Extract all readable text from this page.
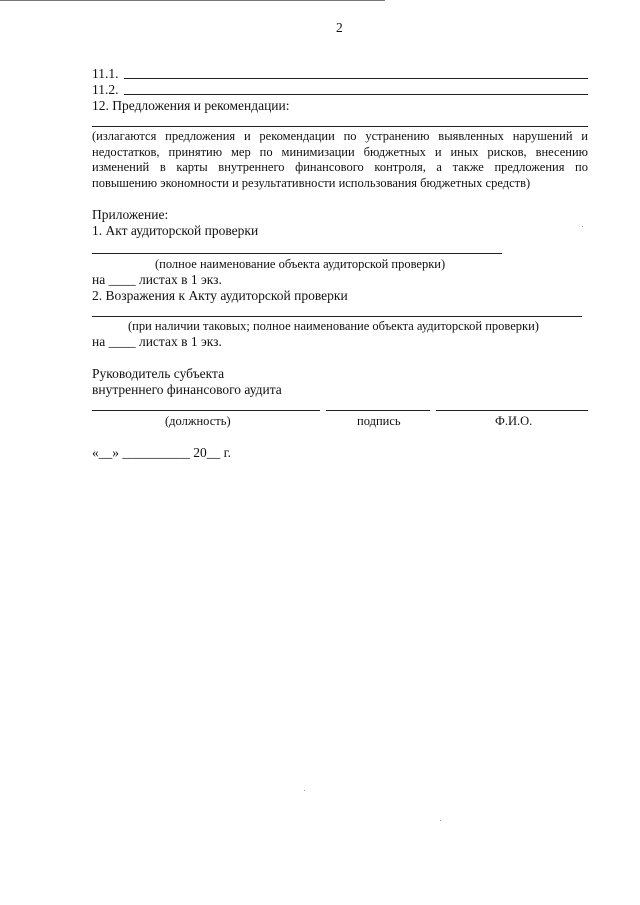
2
11.1.
11.2.
12. Предложения и рекомендации:
(излагаются предложения и рекомендации по устранению выявленных нарушений и недостатков, принятию мер по минимизации бюджетных и иных рисков, внесению изменений в карты внутреннего финансового контроля, а также предложения по повышению экономности и результативности использования бюджетных средств)
Приложение:
1. Акт аудиторской проверки
(полное наименование объекта аудиторской проверки)
на ____ листах в 1 экз.
2. Возражения к Акту аудиторской проверки
(при наличии таковых; полное наименование объекта аудиторской проверки)
на ____ листах в 1 экз.
Руководитель субъекта
внутреннего финансового аудита
(должность)	подпись	Ф.И.О.
«__» __________ 20__ г.
